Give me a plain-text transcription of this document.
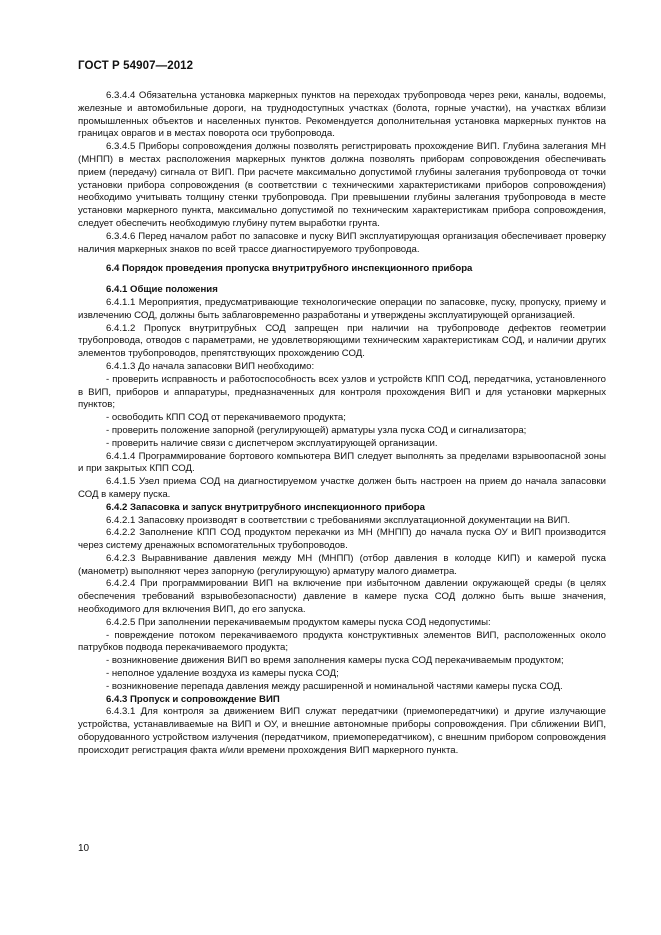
ГОСТ Р 54907—2012

6.3.4.4 Обязательна установка маркерных пунктов на переходах трубопровода через реки, каналы, водоемы, железные и автомобильные дороги, на труднодоступных участках (болота, горные участки), на участках вблизи промышленных объектов и населенных пунктов. Рекомендуется дополнительная установка маркерных пунктов на границах оврагов и в местах поворота оси трубопровода.

6.3.4.5 Приборы сопровождения должны позволять регистрировать прохождение ВИП. Глубина залегания МН (МНПП) в местах расположения маркерных пунктов должна позволять приборам сопровождения обеспечивать прием (передачу) сигнала от ВИП. При расчете максимально допустимой глубины залегания трубопровода от точки установки прибора сопровождения (в соответствии с техническими характеристиками приборов сопровождения) необходимо учитывать толщину стенки трубопровода. При превышении глубины залегания трубопровода в месте установки маркерного пункта, максимально допустимой по техническим характеристикам прибора сопровождения, следует обеспечить необходимую глубину путем выработки грунта.

6.3.4.6 Перед началом работ по запасовке и пуску ВИП эксплуатирующая организация обеспечивает проверку наличия маркерных знаков по всей трассе диагностируемого трубопровода.

6.4 Порядок проведения пропуска внутритрубного инспекционного прибора

6.4.1 Общие положения

6.4.1.1 Мероприятия, предусматривающие технологические операции по запасовке, пуску, пропуску, приему и извлечению СОД, должны быть заблаговременно разработаны и утверждены эксплуатирующей организацией.

6.4.1.2 Пропуск внутритрубных СОД запрещен при наличии на трубопроводе дефектов геометрии трубопровода, отводов с параметрами, не удовлетворяющими техническим характеристикам СОД, и наличии других элементов трубопроводов, препятствующих прохождению СОД.

6.4.1.3 До начала запасовки ВИП необходимо:

- проверить исправность и работоспособность всех узлов и устройств КПП СОД, передатчика, установленного в ВИП, приборов и аппаратуры, предназначенных для контроля прохождения ВИП и для установки маркерных пунктов;

- освободить КПП СОД от перекачиваемого продукта;

- проверить положение запорной (регулирующей) арматуры узла пуска СОД и сигнализатора;

- проверить наличие связи с диспетчером эксплуатирующей организации.

6.4.1.4 Программирование бортового компьютера ВИП следует выполнять за пределами взрывоопасной зоны и при закрытых КПП СОД.

6.4.1.5 Узел приема СОД на диагностируемом участке должен быть настроен на прием до начала запасовки СОД в камеру пуска.

6.4.2 Запасовка и запуск внутритрубного инспекционного прибора

6.4.2.1 Запасовку производят в соответствии с требованиями эксплуатационной документации на ВИП.

6.4.2.2 Заполнение КПП СОД продуктом перекачки из МН (МНПП) до начала пуска ОУ и ВИП производится через систему дренажных вспомогательных трубопроводов.

6.4.2.3 Выравнивание давления между МН (МНПП) (отбор давления в колодце КИП) и камерой пуска (манометр) выполняют через запорную (регулирующую) арматуру малого диаметра.

6.4.2.4 При программировании ВИП на включение при избыточном давлении окружающей среды (в целях обеспечения требований взрывобезопасности) давление в камере пуска СОД должно быть выше значения, необходимого для включения ВИП, до его запуска.

6.4.2.5 При заполнении перекачиваемым продуктом камеры пуска СОД недопустимы:

- повреждение потоком перекачиваемого продукта конструктивных элементов ВИП, расположенных около патрубков подвода перекачиваемого продукта;

- возникновение движения ВИП во время заполнения камеры пуска СОД перекачиваемым продуктом;

- неполное удаление воздуха из камеры пуска СОД;

- возникновение перепада давления между расширенной и номинальной частями камеры пуска СОД.

6.4.3 Пропуск и сопровождение ВИП

6.4.3.1 Для контроля за движением ВИП служат передатчики (приемопередатчики) и другие излучающие устройства, устанавливаемые на ВИП и ОУ, и внешние автономные приборы сопровождения. При сближении ВИП, оборудованного устройством излучения (передатчиком, приемопередатчиком), с внешним прибором сопровождения происходит регистрация факта и/или времени прохождения ВИП маркерного пункта.

10
